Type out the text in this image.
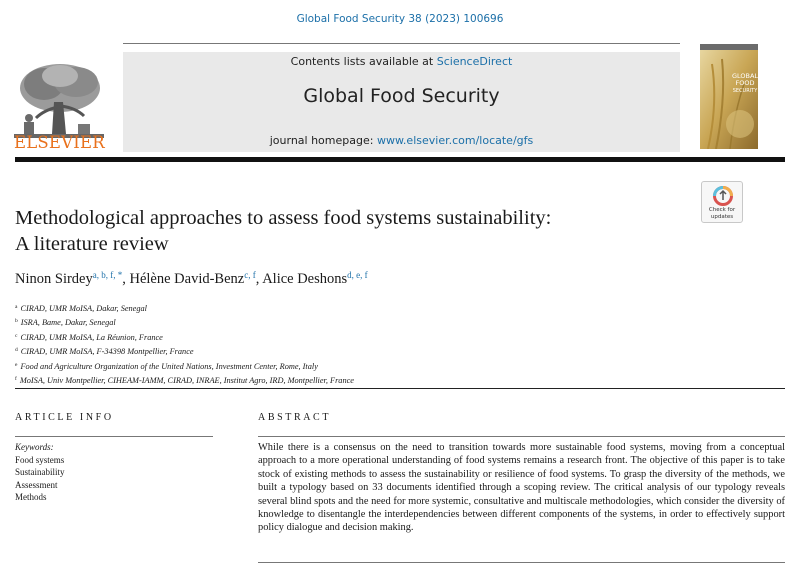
Global Food Security 38 (2023) 100696
ELSEVIER
Contents lists available at ScienceDirect
Global Food Security
journal homepage: www.elsevier.com/locate/gfs
GLOBAL
FOOD
SECURITY
Check for
updates
Methodological approaches to assess food systems sustainability:
A literature review
Ninon Sirdey$^{a, b, f, *}$, Hélène David-Benz$^{c, f}$, Alice Deshons$^{d, e, f}$
$^a$ CIRAD, UMR MoISA, Dakar, Senegal
$^b$ ISRA, Bame, Dakar, Senegal
$^c$ CIRAD, UMR MoISA, La Réunion, France
$^d$ CIRAD, UMR MoISA, F-34398 Montpellier, France
$^e$ Food and Agriculture Organization of the United Nations, Investment Center, Rome, Italy
$^f$ MoISA, Univ Montpellier, CIHEAM-IAMM, CIRAD, INRAE, Institut Agro, IRD, Montpellier, France
ARTICLE INFO	ABSTRACT
Keywords:
Food systems
Sustainability
Assessment
Methods

While there is a consensus on the need to transition towards more sustainable food systems, moving from a conceptual approach to a more operational understanding of food systems remains a research front. The objective of this paper is to take stock of existing methods to assess the sustainability or resilience of food systems. To grasp the diversity of the methods, we built a typology based on 33 documents identified through a scoping review. The critical analysis of our typology reveals several blind spots and the need for more systemic, consultative and multiscale methodologies, which consider the diversity of knowledge to disentangle the interdependencies between different components of the systems, in order to effectively support policy dialogue and decision making.
